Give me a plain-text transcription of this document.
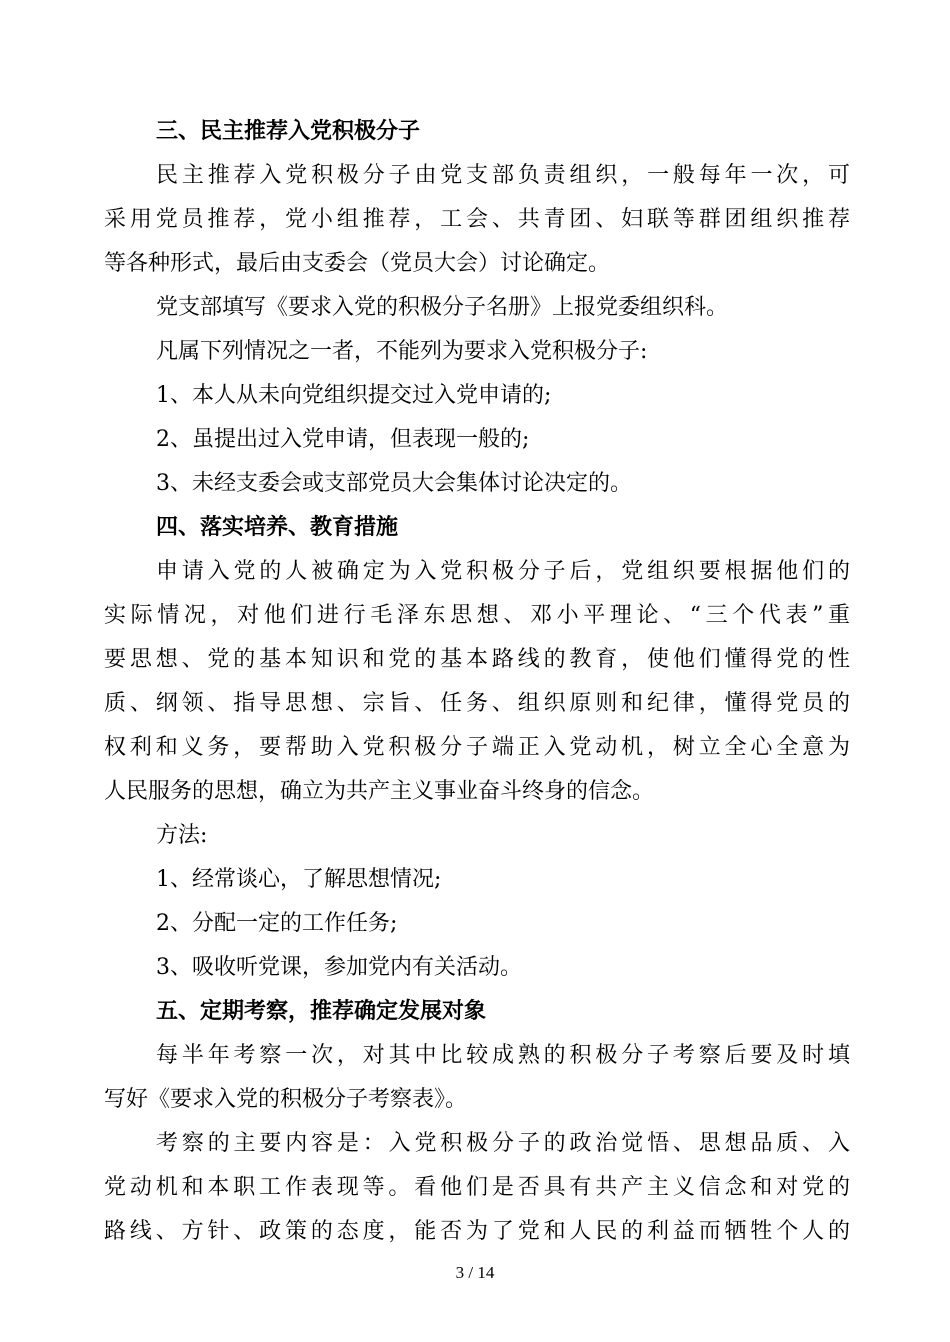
三、民主推荐入党积极分子
民主推荐入党积极分子由党支部负责组织，一般每年一次，可
采用党员推荐，党小组推荐，工会、共青团、妇联等群团组织推荐
等各种形式，最后由支委会（党员大会）讨论确定。
党支部填写《要求入党的积极分子名册》上报党委组织科。
凡属下列情况之一者，不能列为要求入党积极分子:
1、本人从未向党组织提交过入党申请的;
2、虽提出过入党申请，但表现一般的;
3、未经支委会或支部党员大会集体讨论决定的。
四、落实培养、教育措施
申请入党的人被确定为入党积极分子后，党组织要根据他们的
实际情况，对他们进行毛泽东思想、邓小平理论、“三个代表”重
要思想、党的基本知识和党的基本路线的教育，使他们懂得党的性
质、纲领、指导思想、宗旨、任务、组织原则和纪律，懂得党员的
权利和义务，要帮助入党积极分子端正入党动机，树立全心全意为
人民服务的思想，确立为共产主义事业奋斗终身的信念。
方法:
1、经常谈心，了解思想情况;
2、分配一定的工作任务;
3、吸收听党课，参加党内有关活动。
五、定期考察，推荐确定发展对象
每半年考察一次，对其中比较成熟的积极分子考察后要及时填
写好《要求入党的积极分子考察表》。
考察的主要内容是：入党积极分子的政治觉悟、思想品质、入
党动机和本职工作表现等。看他们是否具有共产主义信念和对党的
路线、方针、政策的态度，能否为了党和人民的利益而牺牲个人的
3 / 14
